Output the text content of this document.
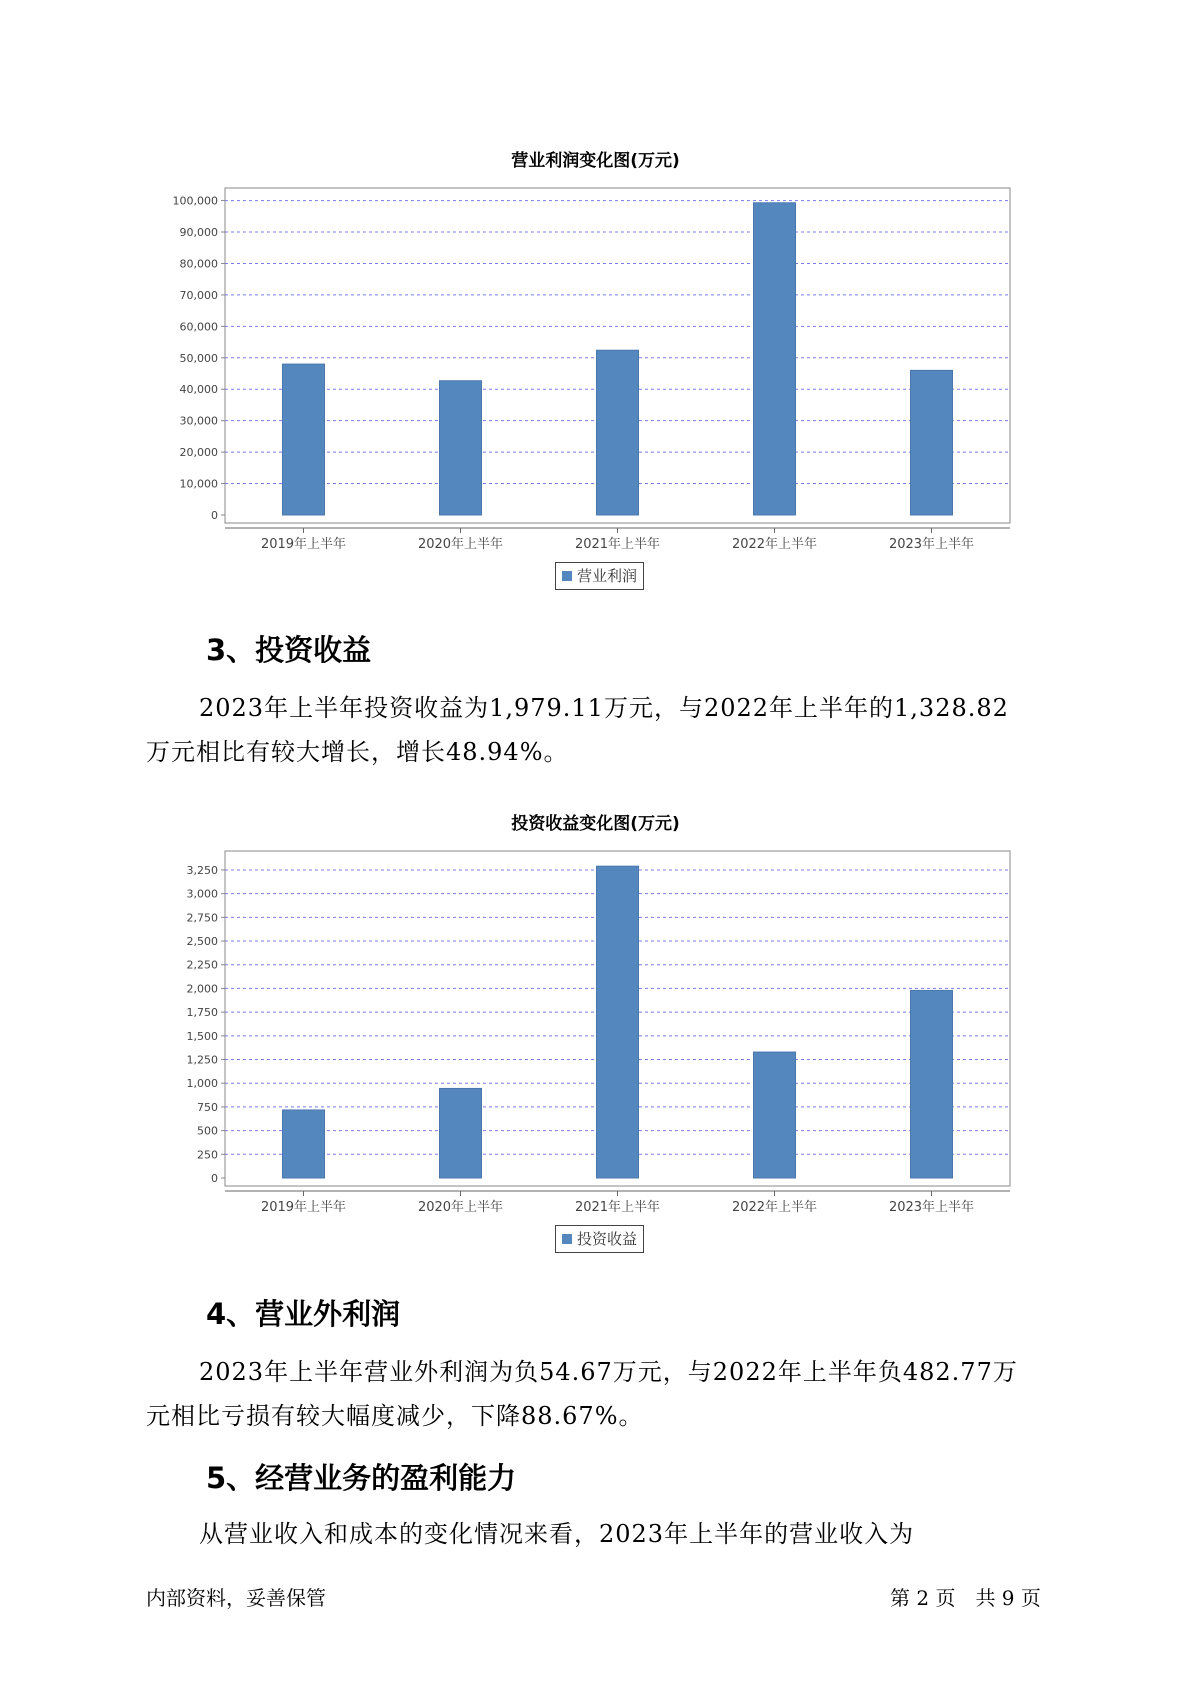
营业利润变化图(万元)
0
10,000
20,000
30,000
40,000
50,000
60,000
70,000
80,000
90,000
100,000
2019年上半年	2020年上半年	2021年上半年	2022年上半年	2023年上半年
营业利润
3、投资收益
2023年上半年投资收益为1,979.11万元，与2022年上半年的1,328.82
万元相比有较大增长，增长48.94%。
投资收益变化图(万元)
0
250
500
750
1,000
1,250
1,500
1,750
2,000
2,250
2,500
2,750
3,000
3,250
2019年上半年	2020年上半年	2021年上半年	2022年上半年	2023年上半年
投资收益
4、营业外利润
2023年上半年营业外利润为负54.67万元，与2022年上半年负482.77万
元相比亏损有较大幅度减少，下降88.67%。
5、经营业务的盈利能力
从营业收入和成本的变化情况来看，2023年上半年的营业收入为
内部资料，妥善保管	第 2 页　共 9 页
